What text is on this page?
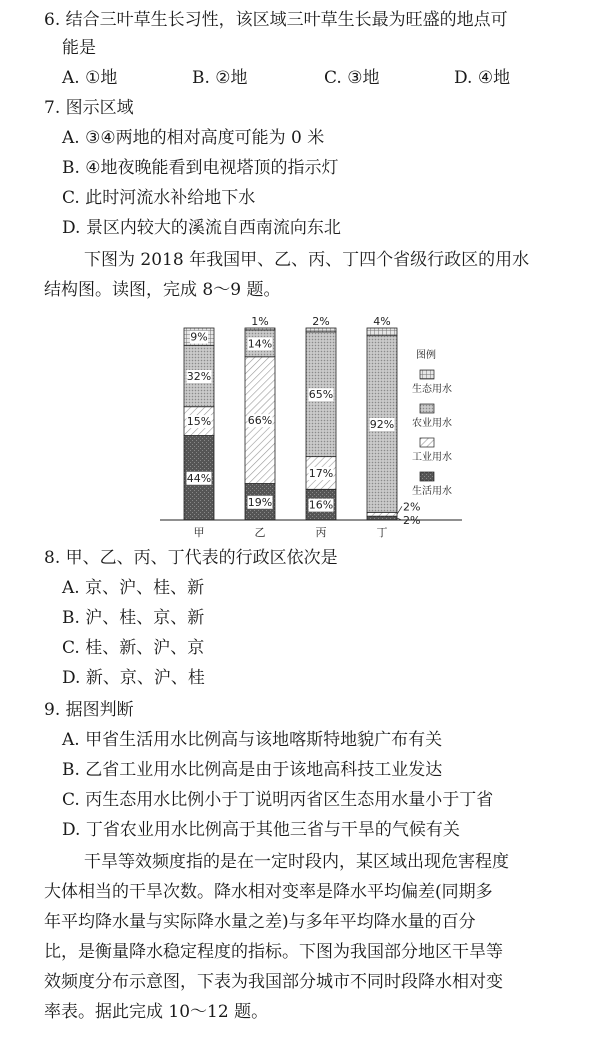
6. 结合三叶草生长习性，该区域三叶草生长最为旺盛的地点可
能是
A. ①地	B. ②地	C. ③地	D. ④地
7. 图示区域
A. ③④两地的相对高度可能为 0 米
B. ④地夜晚能看到电视塔顶的指示灯
C. 此时河流水补给地下水
D. 景区内较大的溪流自西南流向东北
下图为 2018 年我国甲、乙、丙、丁四个省级行政区的用水
结构图。读图，完成 8～9 题。
9%
32%
15%
44%
1%
14%
66%
19%
2%
65%
17%
16%
4%
92%
2%
2%
甲	乙	丙	丁
图例
生态用水
农业用水
工业用水
生活用水
8. 甲、乙、丙、丁代表的行政区依次是
A. 京、沪、桂、新
B. 沪、桂、京、新
C. 桂、新、沪、京
D. 新、京、沪、桂
9. 据图判断
A. 甲省生活用水比例高与该地喀斯特地貌广布有关
B. 乙省工业用水比例高是由于该地高科技工业发达
C. 丙生态用水比例小于丁说明丙省区生态用水量小于丁省
D. 丁省农业用水比例高于其他三省与干旱的气候有关
干旱等效频度指的是在一定时段内，某区域出现危害程度
大体相当的干旱次数。降水相对变率是降水平均偏差(同期多
年平均降水量与实际降水量之差)与多年平均降水量的百分
比，是衡量降水稳定程度的指标。下图为我国部分地区干旱等
效频度分布示意图，下表为我国部分城市不同时段降水相对变
率表。据此完成 10～12 题。
